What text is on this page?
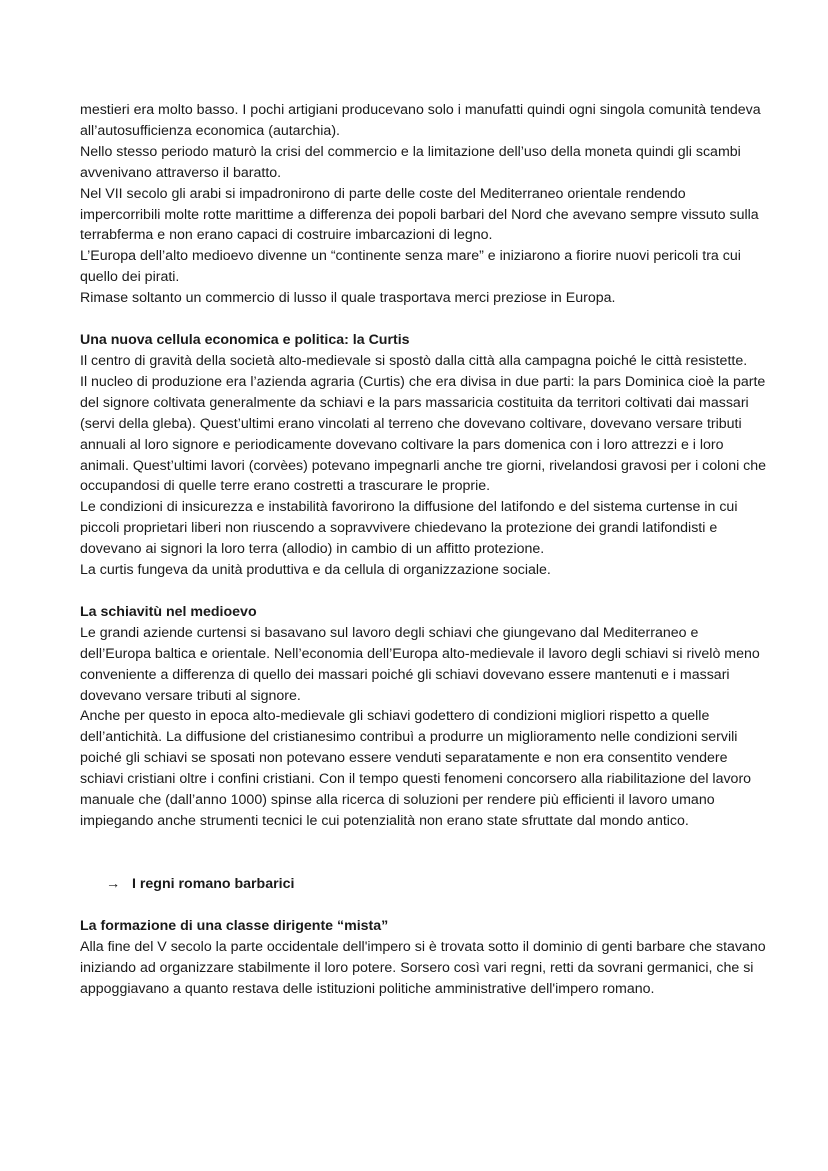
mestieri era molto basso. I pochi artigiani producevano solo i manufatti quindi ogni singola comunità tendeva all’autosufficienza economica (autarchia).

Nello stesso periodo maturò la crisi del commercio e la limitazione dell’uso della moneta quindi gli scambi avvenivano attraverso il baratto.

Nel VII secolo gli arabi si impadronirono di parte delle coste del Mediterraneo orientale rendendo impercorribili molte rotte marittime a differenza dei popoli barbari del Nord che avevano sempre vissuto sulla terrabferma e non erano capaci di costruire imbarcazioni di legno.

L’Europa dell’alto medioevo divenne un “continente senza mare” e iniziarono a fiorire nuovi pericoli tra cui quello dei pirati.

Rimase soltanto un commercio di lusso il quale trasportava merci preziose in Europa.

Una nuova cellula economica e politica: la Curtis

Il centro di gravità della società alto-medievale si spostò dalla città alla campagna poiché le città resistette.

Il nucleo di produzione era l’azienda agraria (Curtis) che era divisa in due parti: la pars Dominica cioè la parte del signore coltivata generalmente da schiavi e la pars massaricia costituita da territori coltivati dai massari (servi della gleba). Quest’ultimi erano vincolati al terreno che dovevano coltivare, dovevano versare tributi annuali al loro signore e periodicamente dovevano coltivare la pars domenica con i loro attrezzi e i loro animali. Quest’ultimi lavori (corvèes) potevano impegnarli anche tre giorni, rivelandosi gravosi per i coloni che occupandosi di quelle terre erano costretti a trascurare le proprie.

Le condizioni di insicurezza e instabilità favorirono la diffusione del latifondo e del sistema curtense in cui piccoli proprietari liberi non riuscendo a sopravvivere chiedevano la protezione dei grandi latifondisti e dovevano ai signori la loro terra (allodio) in cambio di un affitto protezione.

La curtis fungeva da unità produttiva e da cellula di organizzazione sociale.

La schiavitù nel medioevo

Le grandi aziende curtensi si basavano sul lavoro degli schiavi che giungevano dal Mediterraneo e dell’Europa baltica e orientale. Nell’economia dell’Europa alto-medievale il lavoro degli schiavi si rivelò meno conveniente a differenza di quello dei massari poiché gli schiavi dovevano essere mantenuti e i massari dovevano versare tributi al signore.

Anche per questo in epoca alto-medievale gli schiavi godettero di condizioni migliori rispetto a quelle dell’antichità. La diffusione del cristianesimo contribuì a produrre un miglioramento nelle condizioni servili poiché gli schiavi se sposati non potevano essere venduti separatamente e non era consentito vendere schiavi cristiani oltre i confini cristiani. Con il tempo questi fenomeni concorsero alla riabilitazione del lavoro manuale che (dall’anno 1000) spinse alla ricerca di soluzioni per rendere più efficienti il lavoro umano impiegando anche strumenti tecnici le cui potenzialità non erano state sfruttate dal mondo antico.

→ I regni romano barbarici
La formazione di una classe dirigente “mista”

Alla fine del V secolo la parte occidentale dell'impero si è trovata sotto il dominio di genti barbare che stavano iniziando ad organizzare stabilmente il loro potere. Sorsero così vari regni, retti da sovrani germanici, che si appoggiavano a quanto restava delle istituzioni politiche amministrative dell'impero romano.
